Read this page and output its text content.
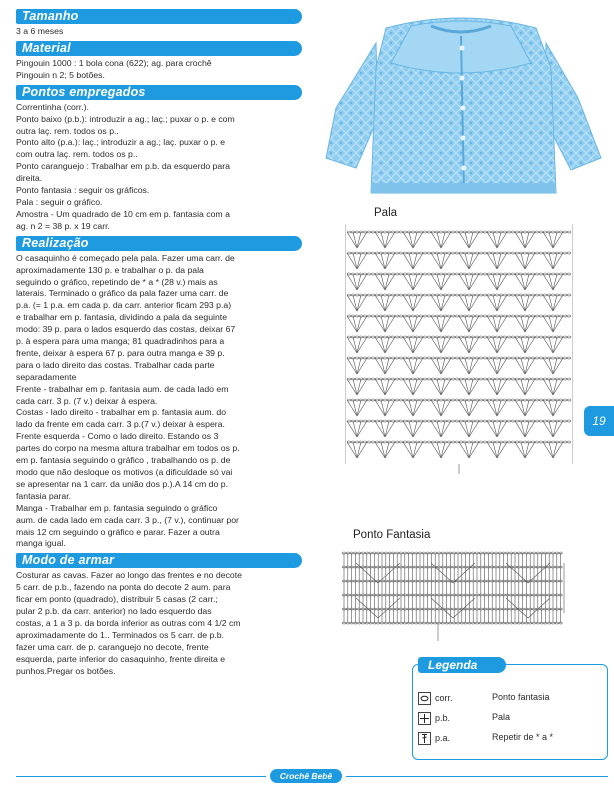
Tamanho

3 a 6 meses

Material

Pingouin 1000 : 1 bola cona (622); ag. para crochê

Pingouin n 2; 5 botões.

Pontos empregados

Correntinha (corr.).

Ponto baixo (p.b.): introduzir a ag.; laç.; puxar o p. e com

outra laç. rem. todos os p..

Ponto alto (p.a.): laç.; introduzir a ag.; laç. puxar o p. e

com outra laç. rem. todos os p..

Ponto caranguejo : Trabalhar em p.b. da esquerdo para

direita.

Ponto fantasia : seguir os gráficos.

Pala : seguir o gráfico.

Amostra - Um quadrado de 10 cm em p. fantasia com a

ag. n 2 = 38 p. x 19 carr.

Realização

O casaquinho é começado pela pala. Fazer uma carr. de

aproximadamente 130 p. e trabalhar o p. da pala

seguindo o gráfico, repetindo de * a * (28 v.) mais as

laterais. Terminado o gráfico da pala fazer uma carr. de

p.a. (= 1 p.a. em cada p. da carr. anterior ficam 293 p.a)

e trabalhar em p. fantasia, dividindo a pala da seguinte

modo: 39 p. para o lados esquerdo das costas, deixar 67

p. à espera para uma manga; 81 quadradinhos para a

frente, deixar à espera 67 p. para outra manga e 39 p.

para o lado direito das costas. Trabalhar cada parte

separadamente

Frente - trabalhar em p. fantasia aum. de cada lado em

cada carr. 3 p. (7 v.) deixar à espera.

Costas - lado direito - trabalhar em p. fantasia aum. do

lado da frente em cada carr. 3 p.(7 v.) deixar à espera.

Frente esquerda - Como o lado direito. Estando os 3

partes do corpo na mesma altura trabalhar em todos os p.

em p. fantasia seguindo o gráfico , trabalhando os p. de

modo que não desloque os motivos (a dificuldade só vai

se apresentar na 1 carr. da união dos p.).A 14 cm do p.

fantasia parar.

Manga - Trabalhar em p. fantasia seguindo o gráfico

aum. de cada lado em cada carr. 3 p., (7 v.), continuar por

mais 12 cm seguindo o gráfico e parar. Fazer a outra

manga igual.

Modo de armar

Costurar as cavas. Fazer ao longo das frentes e no decote

5 carr. de p.b., fazendo na ponta do decote 2 aum. para

ficar em ponto (quadrado), distribuir 5 casas (2 carr.;

pular 2 p.b. da carr. anterior) no lado esquerdo das

costas, a 1 a 3 p. da borda inferior as outras com 4 1/2 cm

aproximadamente do 1.. Terminados os 5 carr. de p.b.

fazer uma carr. de p. caranguejo no decote, frente

esquerda, parte inferior do casaquinho, frente direita e

punhos.Pregar os botões.

Pala
Ponto Fantasia
19
Legenda
corr.
p.b.
p.a.
Ponto fantasia
Pala
Repetir de * a *
Crochê Bebê
